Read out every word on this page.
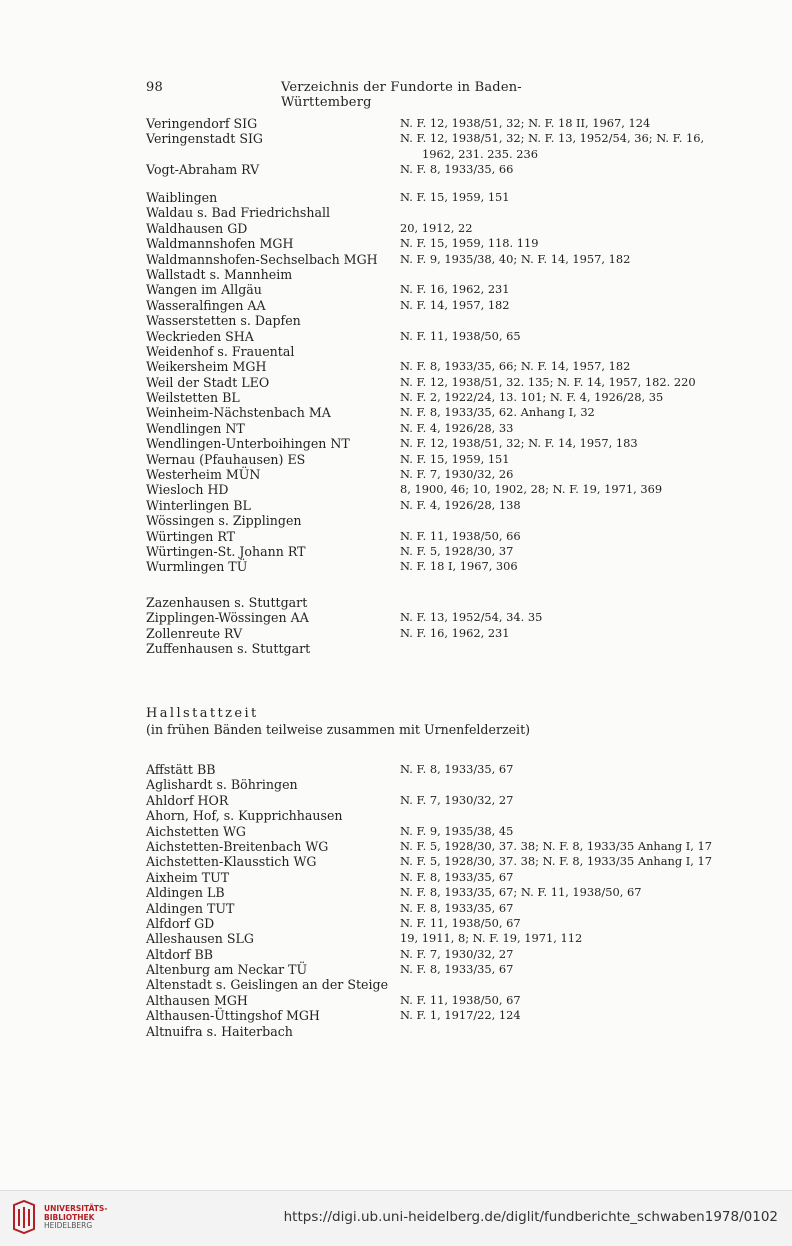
98	Verzeichnis der Fundorte in Baden-Württemberg
Veringendorf SIG	N. F. 12, 1938/51, 32; N. F. 18 II, 1967, 124
Veringenstadt SIG	N. F. 12, 1938/51, 32; N. F. 13, 1952/54, 36; N. F. 16,
1962, 231. 235. 236
Vogt-Abraham RV	N. F. 8, 1933/35, 66
Waiblingen	N. F. 15, 1959, 151
Waldau s. Bad Friedrichshall
Waldhausen GD	20, 1912, 22
Waldmannshofen MGH	N. F. 15, 1959, 118. 119
Waldmannshofen-Sechselbach MGH N. F. 9, 1935/38, 40; N. F. 14, 1957, 182
Wallstadt s. Mannheim
Wangen im Allgäu	N. F. 16, 1962, 231
Wasseralfingen AA	N. F. 14, 1957, 182
Wasserstetten s. Dapfen
Weckrieden SHA	N. F. 11, 1938/50, 65
Weidenhof s. Frauental
Weikersheim MGH	N. F. 8, 1933/35, 66; N. F. 14, 1957, 182
Weil der Stadt LEO	N. F. 12, 1938/51, 32. 135; N. F. 14, 1957, 182. 220
Weilstetten BL	N. F. 2, 1922/24, 13. 101; N. F. 4, 1926/28, 35
Weinheim-Nächstenbach MA	N. F. 8, 1933/35, 62. Anhang I, 32
Wendlingen NT	N. F. 4, 1926/28, 33
Wendlingen-Unterboihingen NT	N. F. 12, 1938/51, 32; N. F. 14, 1957, 183
Wernau (Pfauhausen) ES	N. F. 15, 1959, 151
Westerheim MÜN	N. F. 7, 1930/32, 26
Wiesloch HD	8, 1900, 46; 10, 1902, 28; N. F. 19, 1971, 369
Winterlingen BL	N. F. 4, 1926/28, 138
Wössingen s. Zipplingen
Würtingen RT	N. F. 11, 1938/50, 66
Würtingen-St. Johann RT	N. F. 5, 1928/30, 37
Wurmlingen TÜ	N. F. 18 I, 1967, 306
Zazenhausen s. Stuttgart
Zipplingen-Wössingen AA	N. F. 13, 1952/54, 34. 35
Zollenreute RV	N. F. 16, 1962, 231
Zuffenhausen s. Stuttgart
Hallstattzeit
(in frühen Bänden teilweise zusammen mit Urnenfelderzeit)
Affstätt BB	N. F. 8, 1933/35, 67
Aglishardt s. Böhringen
Ahldorf HOR	N. F. 7, 1930/32, 27
Ahorn, Hof, s. Kupprichhausen
Aichstetten WG	N. F. 9, 1935/38, 45
Aichstetten-Breitenbach WG	N. F. 5, 1928/30, 37. 38; N. F. 8, 1933/35 Anhang I, 17
Aichstetten-Klausstich WG	N. F. 5, 1928/30, 37. 38; N. F. 8, 1933/35 Anhang I, 17
Aixheim TUT	N. F. 8, 1933/35, 67
Aldingen LB	N. F. 8, 1933/35, 67; N. F. 11, 1938/50, 67
Aldingen TUT	N. F. 8, 1933/35, 67
Alfdorf GD	N. F. 11, 1938/50, 67
Alleshausen SLG	19, 1911, 8; N. F. 19, 1971, 112
Altdorf BB	N. F. 7, 1930/32, 27
Altenburg am Neckar TÜ	N. F. 8, 1933/35, 67
Altenstadt s. Geislingen an der Steige
Althausen MGH	N. F. 11, 1938/50, 67
Althausen-Üttingshof MGH	N. F. 1, 1917/22, 124
Altnuifra s. Haiterbach
UNIVERSITÄTS-
BIBLIOTHEK
HEIDELBERG
https://digi.ub.uni-heidelberg.de/diglit/fundberichte_schwaben1978/0102
